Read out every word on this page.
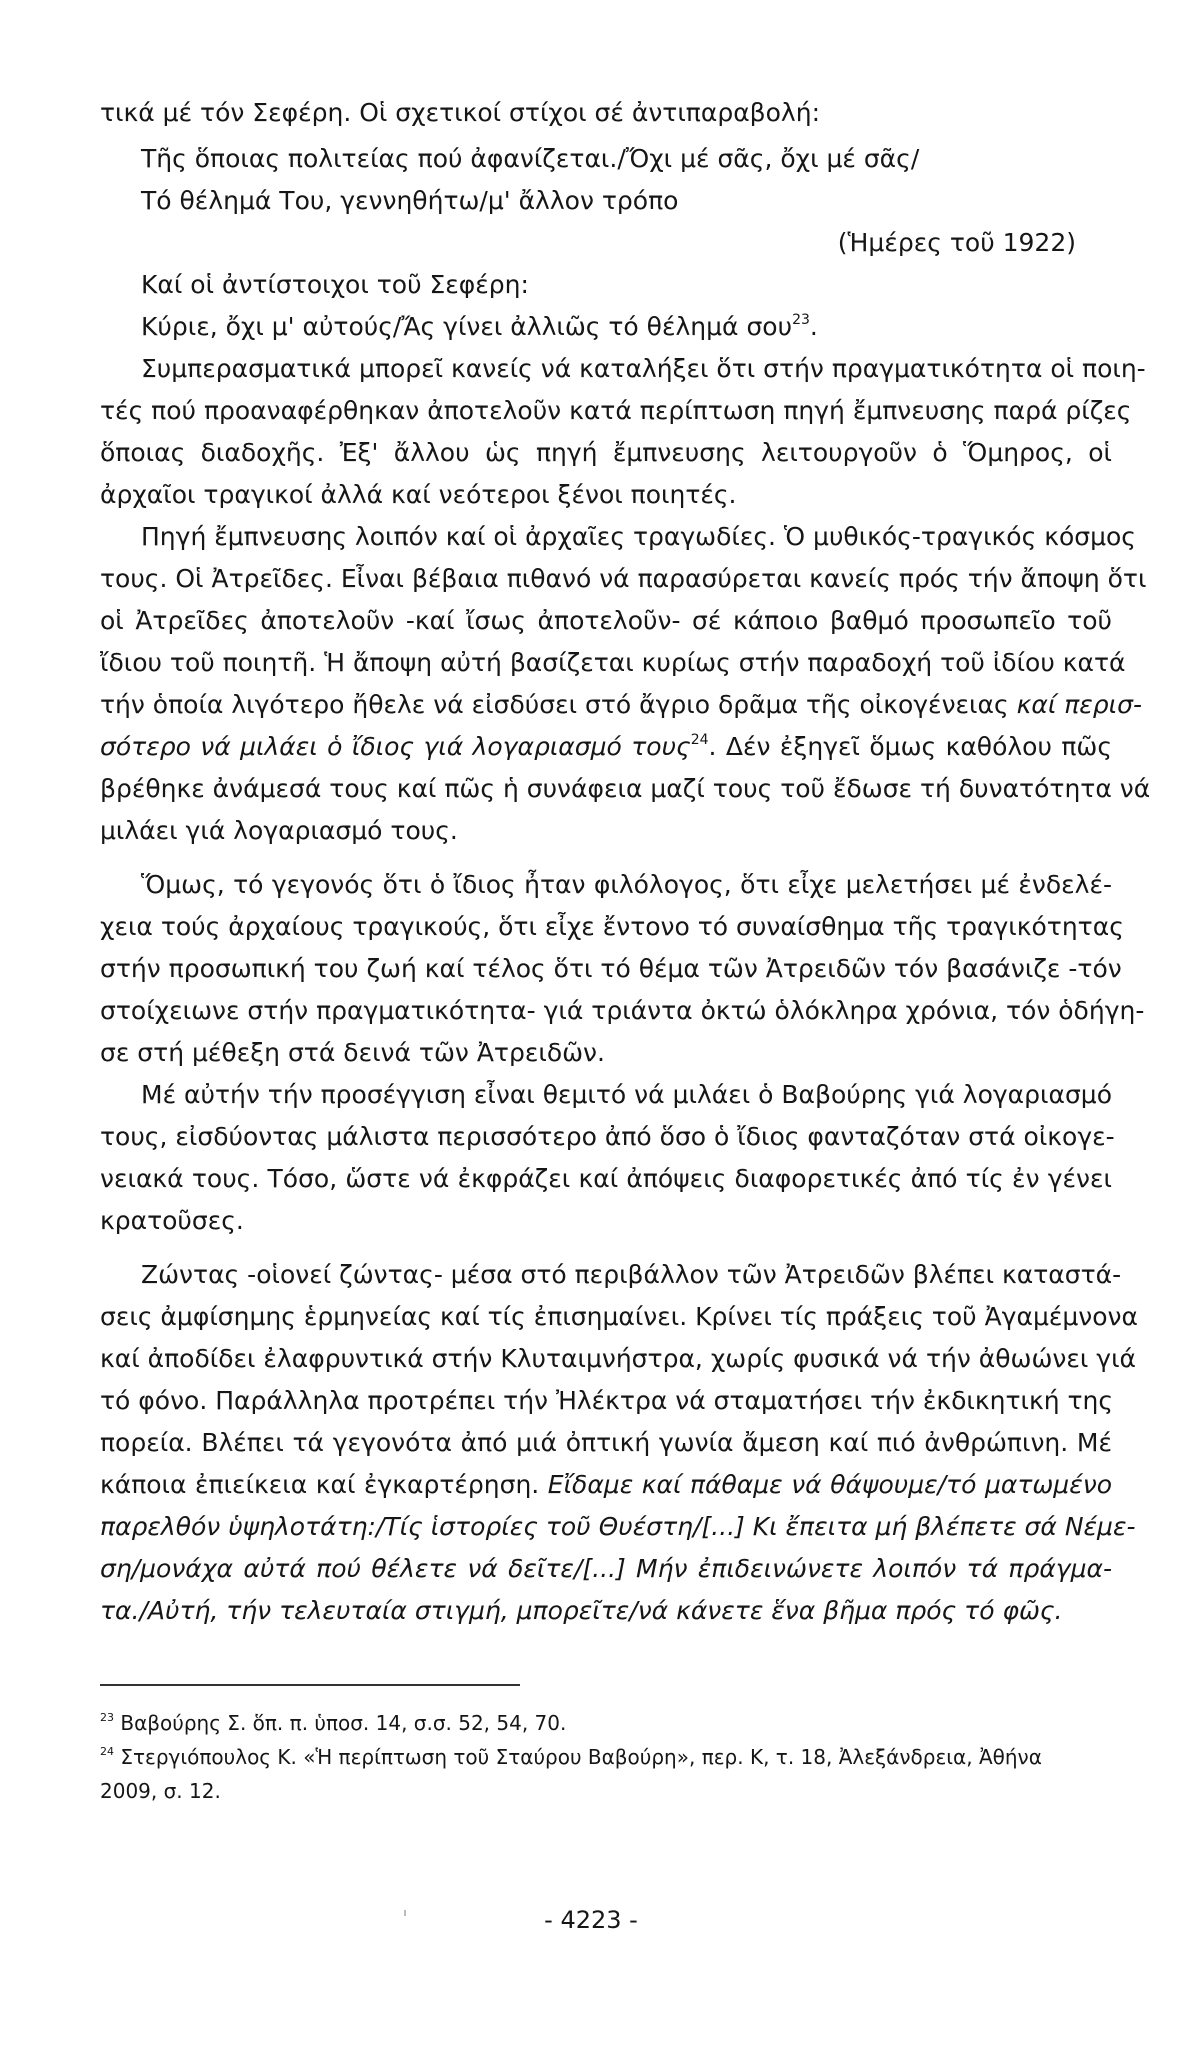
τικά μέ τόν Σεφέρη. Οἱ σχετικοί στίχοι σέ ἀντιπαραβολή:
Τῆς ὅποιας πολιτείας πού ἀφανίζεται./Ὄχι μέ σᾶς, ὄχι μέ σᾶς/
Τό θέλημά Του, γεννηθήτω/μ' ἄλλον τρόπο
(Ἡμέρες τοῦ 1922)
Καί οἱ ἀντίστοιχοι τοῦ Σεφέρη:
Κύριε, ὄχι μ' αὐτούς/Ἄς γίνει ἀλλιῶς τό θέλημά σου$^{23}$.
Συμπερασματικά μπορεῖ κανείς νά καταλήξει ὅτι στήν πραγματικότητα οἱ ποιη-
τές πού προαναφέρθηκαν ἀποτελοῦν κατά περίπτωση πηγή ἔμπνευσης παρά ρίζες
ὅποιας διαδοχῆς. Ἐξ' ἄλλου ὡς πηγή ἔμπνευσης λειτουργοῦν ὁ Ὅμηρος, οἱ
ἀρχαῖοι τραγικοί ἀλλά καί νεότεροι ξένοι ποιητές.
Πηγή ἔμπνευσης λοιπόν καί οἱ ἀρχαῖες τραγωδίες. Ὁ μυθικός-τραγικός κόσμος
τους. Οἱ Ἀτρεῖδες. Εἶναι βέβαια πιθανό νά παρασύρεται κανείς πρός τήν ἄποψη ὅτι
οἱ Ἀτρεῖδες ἀποτελοῦν -καί ἴσως ἀποτελοῦν- σέ κάποιο βαθμό προσωπεῖο τοῦ
ἴδιου τοῦ ποιητῆ. Ἡ ἄποψη αὐτή βασίζεται κυρίως στήν παραδοχή τοῦ ἰδίου κατά
τήν ὁποία λιγότερο ἤθελε νά εἰσδύσει στό ἄγριο δρᾶμα τῆς οἰκογένειας καί περισ-
σότερο νά μιλάει ὁ ἴδιος γιά λογαριασμό τους$^{24}$. Δέν ἐξηγεῖ ὅμως καθόλου πῶς
βρέθηκε ἀνάμεσά τους καί πῶς ἡ συνάφεια μαζί τους τοῦ ἔδωσε τή δυνατότητα νά
μιλάει γιά λογαριασμό τους.
Ὅμως, τό γεγονός ὅτι ὁ ἴδιος ἦταν φιλόλογος, ὅτι εἶχε μελετήσει μέ ἐνδελέ-
χεια τούς ἀρχαίους τραγικούς, ὅτι εἶχε ἔντονο τό συναίσθημα τῆς τραγικότητας
στήν προσωπική του ζωή καί τέλος ὅτι τό θέμα τῶν Ἀτρειδῶν τόν βασάνιζε -τόν
στοίχειωνε στήν πραγματικότητα- γιά τριάντα ὀκτώ ὁλόκληρα χρόνια, τόν ὁδήγη-
σε στή μέθεξη στά δεινά τῶν Ἀτρειδῶν.
Μέ αὐτήν τήν προσέγγιση εἶναι θεμιτό νά μιλάει ὁ Βαβούρης γιά λογαριασμό
τους, εἰσδύοντας μάλιστα περισσότερο ἀπό ὅσο ὁ ἴδιος φανταζόταν στά οἰκογε-
νειακά τους. Τόσο, ὥστε νά ἐκφράζει καί ἀπόψεις διαφορετικές ἀπό τίς ἐν γένει
κρατοῦσες.
Ζώντας -οἱονεί ζώντας- μέσα στό περιβάλλον τῶν Ἀτρειδῶν βλέπει καταστά-
σεις ἀμφίσημης ἑρμηνείας καί τίς ἐπισημαίνει. Κρίνει τίς πράξεις τοῦ Ἀγαμέμνονα
καί ἀποδίδει ἐλαφρυντικά στήν Κλυταιμνήστρα, χωρίς φυσικά νά τήν ἀθωώνει γιά
τό φόνο. Παράλληλα προτρέπει τήν Ἠλέκτρα νά σταματήσει τήν ἐκδικητική της
πορεία. Βλέπει τά γεγονότα ἀπό μιά ὀπτική γωνία ἄμεση καί πιό ἀνθρώπινη. Μέ
κάποια ἐπιείκεια καί ἐγκαρτέρηση. Εἴδαμε καί πάθαμε νά θάψουμε/τό ματωμένο
παρελθόν ὑψηλοτάτη:/Τίς ἱστορίες τοῦ Θυέστη/[...] Κι ἔπειτα μή βλέπετε σά Νέμε-
ση/μονάχα αὐτά πού θέλετε νά δεῖτε/[...] Μήν ἐπιδεινώνετε λοιπόν τά πράγμα-
τα./Αὐτή, τήν τελευταία στιγμή, μπορεῖτε/νά κάνετε ἕνα βῆμα πρός τό φῶς.
$^{23}$ Βαβούρης Σ. ὅπ. π. ὑποσ. 14, σ.σ. 52, 54, 70.
$^{24}$ Στεργιόπουλος Κ. «Ἡ περίπτωση τοῦ Σταύρου Βαβούρη», περ. Κ, τ. 18, Ἀλεξάνδρεια, Ἀθήνα
2009, σ. 12.
- 4223 -
